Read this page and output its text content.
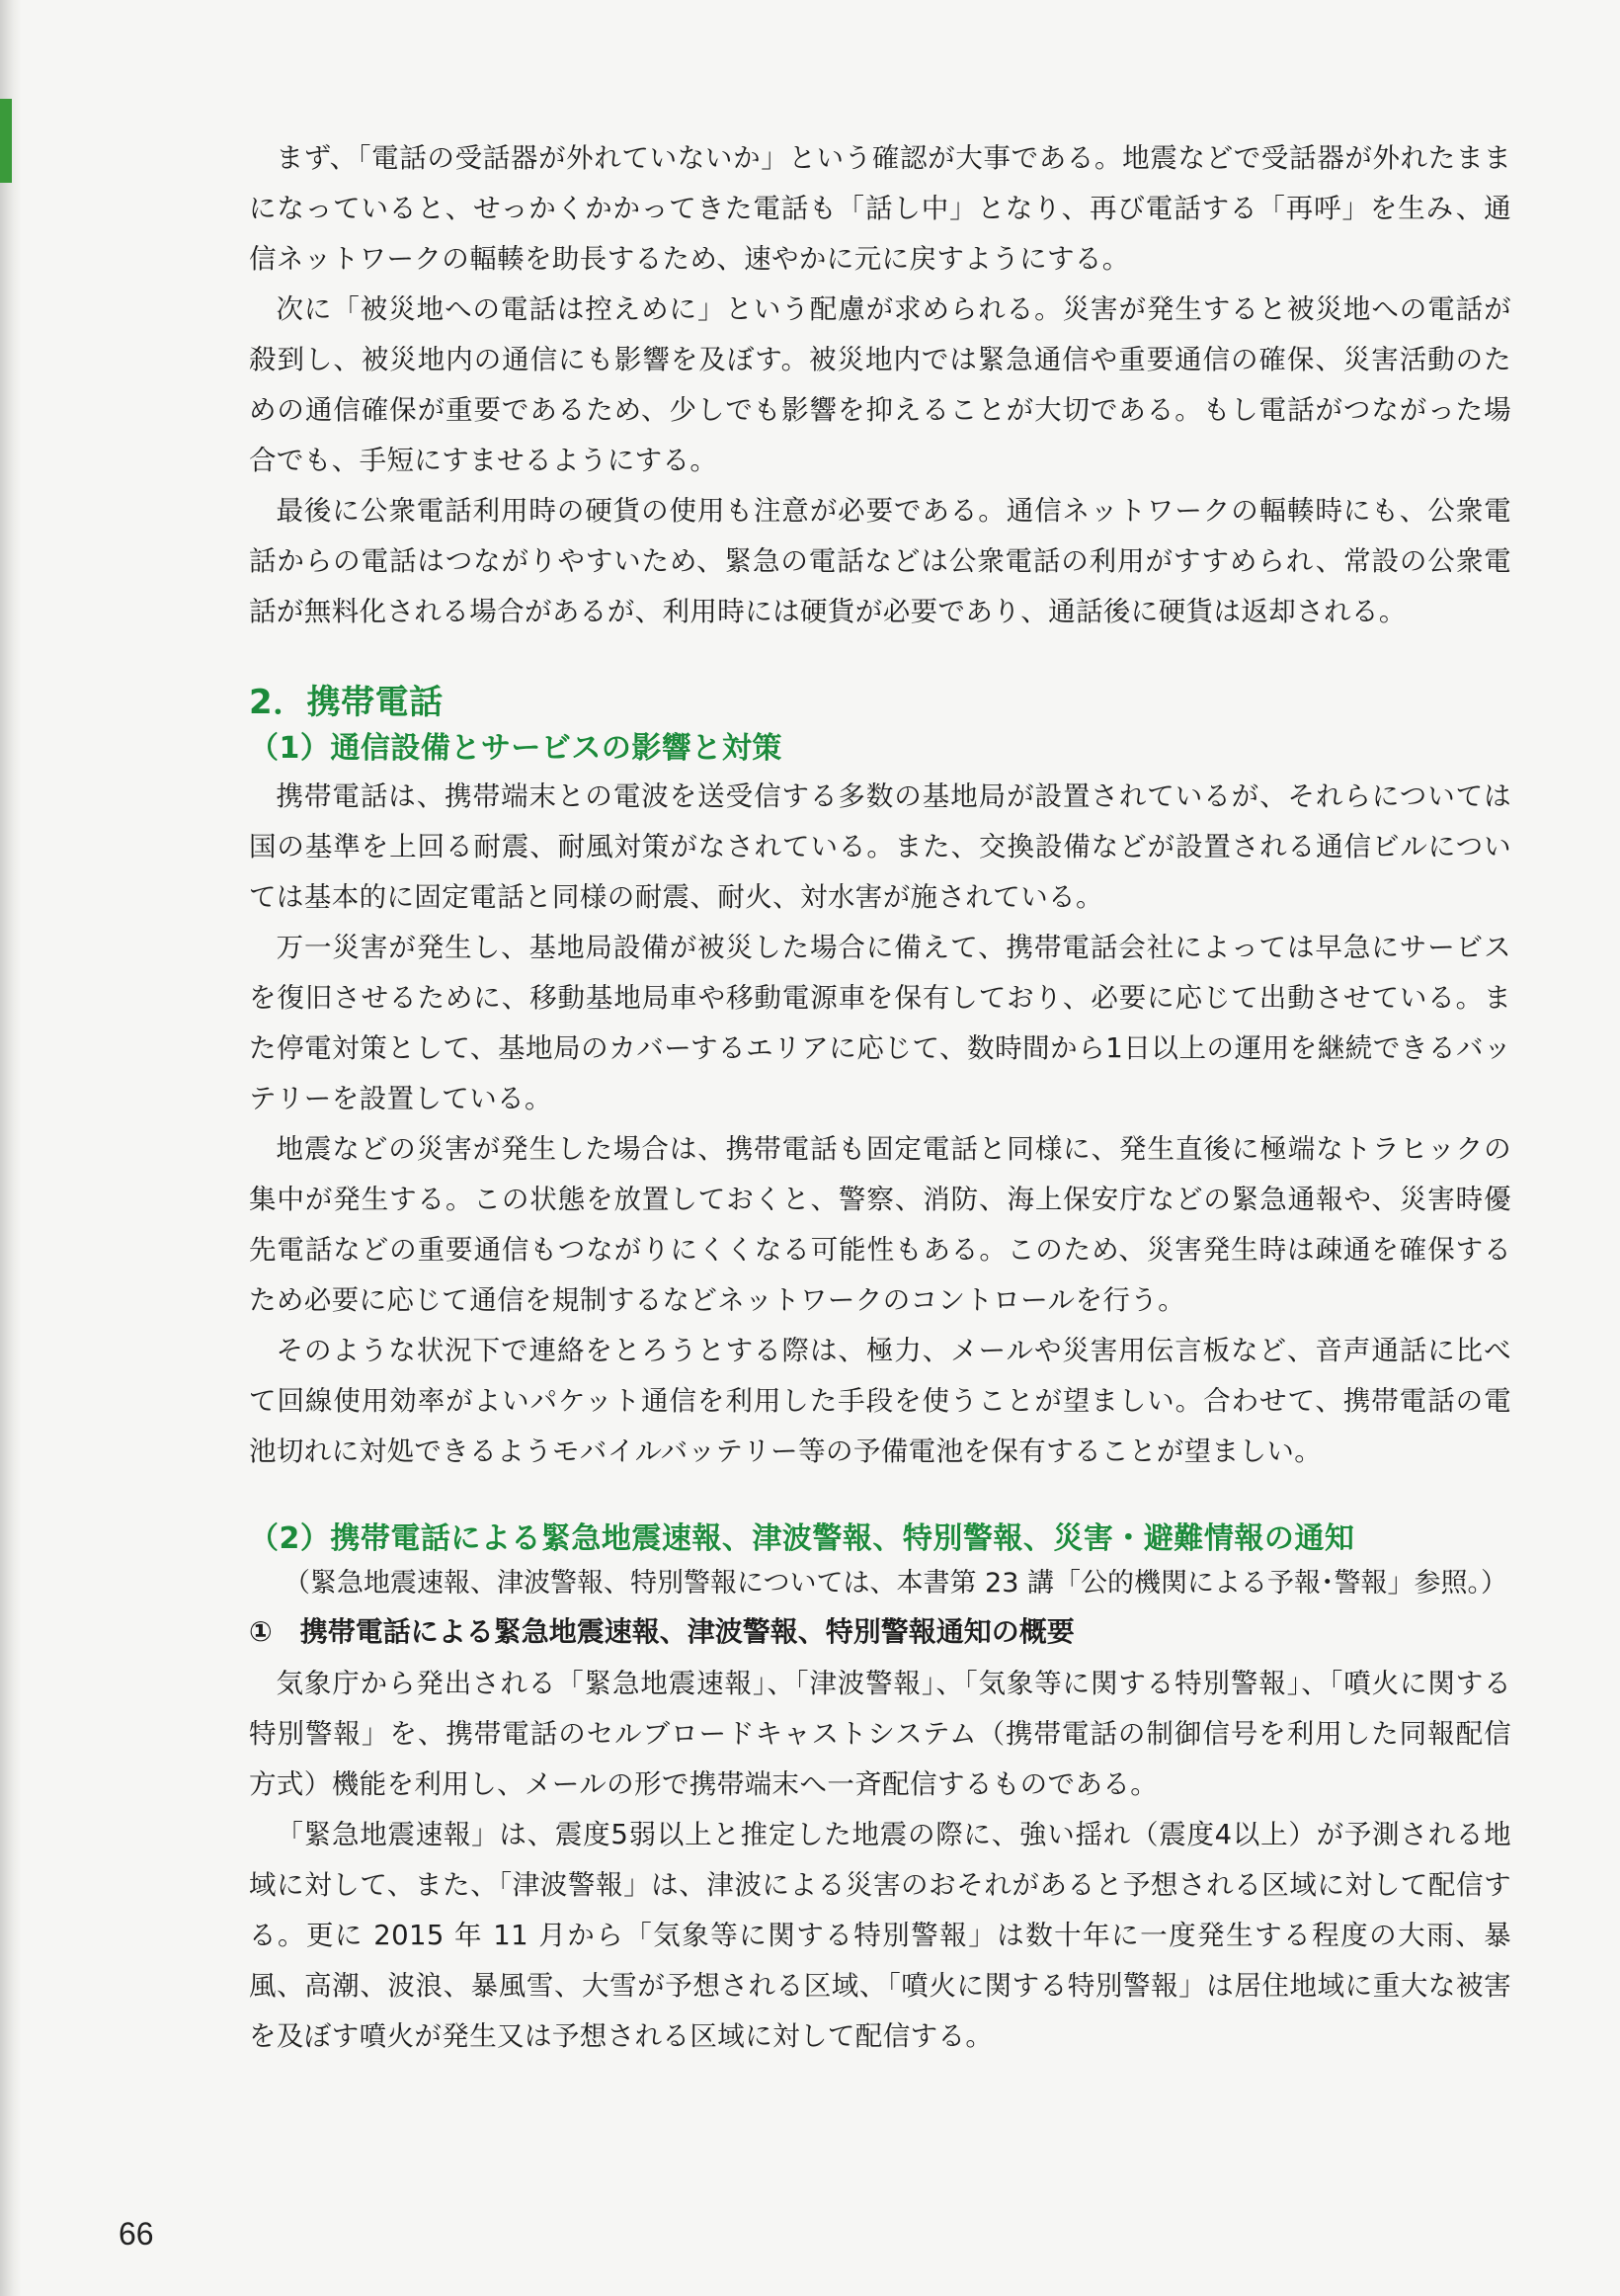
まず、「電話の受話器が外れていないか」という確認が大事である。地震などで受話器が外れたままになっていると、せっかくかかってきた電話も「話し中」となり、再び電話する「再呼」を生み、通信ネットワークの輻輳を助長するため、速やかに元に戻すようにする。

次に「被災地への電話は控えめに」という配慮が求められる。災害が発生すると被災地への電話が殺到し、被災地内の通信にも影響を及ぼす。被災地内では緊急通信や重要通信の確保、災害活動のための通信確保が重要であるため、少しでも影響を抑えることが大切である。もし電話がつながった場合でも、手短にすませるようにする。

最後に公衆電話利用時の硬貨の使用も注意が必要である。通信ネットワークの輻輳時にも、公衆電話からの電話はつながりやすいため、緊急の電話などは公衆電話の利用がすすめられ、常設の公衆電話が無料化される場合があるが、利用時には硬貨が必要であり、通話後に硬貨は返却される。

2．携帯電話
（1）通信設備とサービスの影響と対策

携帯電話は、携帯端末との電波を送受信する多数の基地局が設置されているが、それらについては国の基準を上回る耐震、耐風対策がなされている。また、交換設備などが設置される通信ビルについては基本的に固定電話と同様の耐震、耐火、対水害が施されている。

万一災害が発生し、基地局設備が被災した場合に備えて、携帯電話会社によっては早急にサービスを復旧させるために、移動基地局車や移動電源車を保有しており、必要に応じて出動させている。また停電対策として、基地局のカバーするエリアに応じて、数時間から1日以上の運用を継続できるバッテリーを設置している。

地震などの災害が発生した場合は、携帯電話も固定電話と同様に、発生直後に極端なトラヒックの集中が発生する。この状態を放置しておくと、警察、消防、海上保安庁などの緊急通報や、災害時優先電話などの重要通信もつながりにくくなる可能性もある。このため、災害発生時は疎通を確保するため必要に応じて通信を規制するなどネットワークのコントロールを行う。

そのような状況下で連絡をとろうとする際は、極力、メールや災害用伝言板など、音声通話に比べて回線使用効率がよいパケット通信を利用した手段を使うことが望ましい。合わせて、携帯電話の電池切れに対処できるようモバイルバッテリー等の予備電池を保有することが望ましい。

（2）携帯電話による緊急地震速報、津波警報、特別警報、災害・避難情報の通知

（緊急地震速報、津波警報、特別警報については、本書第 23 講「公的機関による予報･警報」参照。）

①　携帯電話による緊急地震速報、津波警報、特別警報通知の概要

気象庁から発出される「緊急地震速報」、「津波警報」、「気象等に関する特別警報」、「噴火に関する特別警報」を、携帯電話のセルブロードキャストシステム（携帯電話の制御信号を利用した同報配信方式）機能を利用し、メールの形で携帯端末へ一斉配信するものである。

「緊急地震速報」は、震度5弱以上と推定した地震の際に、強い揺れ（震度4以上）が予測される地域に対して、また、「津波警報」は、津波による災害のおそれがあると予想される区域に対して配信する。更に 2015 年 11 月から「気象等に関する特別警報」は数十年に一度発生する程度の大雨、暴風、高潮、波浪、暴風雪、大雪が予想される区域、「噴火に関する特別警報」は居住地域に重大な被害を及ぼす噴火が発生又は予想される区域に対して配信する。

66
